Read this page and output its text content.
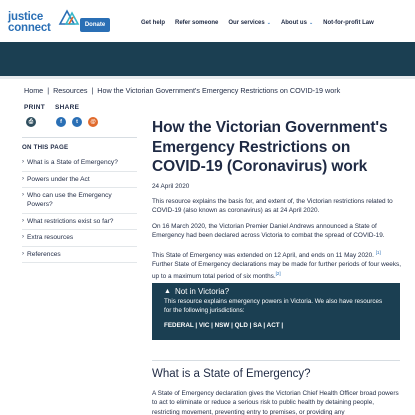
justice
connect	Donate	Get help Refer someone Our services ⌄ About us ⌄ Not-for-profit Law
Home | Resources | How the Victorian Government's Emergency Restrictions on COVID-19 work
PRINT SHARE
⎙	f	t @
ON THIS PAGE
› What is a State of Emergency?
› Powers under the Act
› Who can use the Emergency Powers?
› What restrictions exist so far?
› Extra resources
› References
How the Victorian Government's Emergency Restrictions on COVID-19 (Coronavirus) work
24 April 2020

This resource explains the basis for, and extent of, the Victorian restrictions related to COVID-19 (also known as coronavirus) as at 24 April 2020.

On 16 March 2020, the Victorian Premier Daniel Andrews announced a State of Emergency had been declared across Victoria to combat the spread of COVID-19.

This State of Emergency was extended on 12 April, and ends on 11 May 2020. [1] Further State of Emergency declarations may be made for further periods of four weeks, up to a maximum total period of six months.[2]

▲ Not in Victoria?

This resource explains emergency powers in Victoria. We also have resources for the following jurisdictions:

FEDERAL | VIC | NSW | QLD | SA | ACT |
What is a State of Emergency?

A State of Emergency declaration gives the Victorian Chief Health Officer broad powers to act to eliminate or reduce a serious risk to public health by detaining people, restricting movement, preventing entry to premises, or providing any
